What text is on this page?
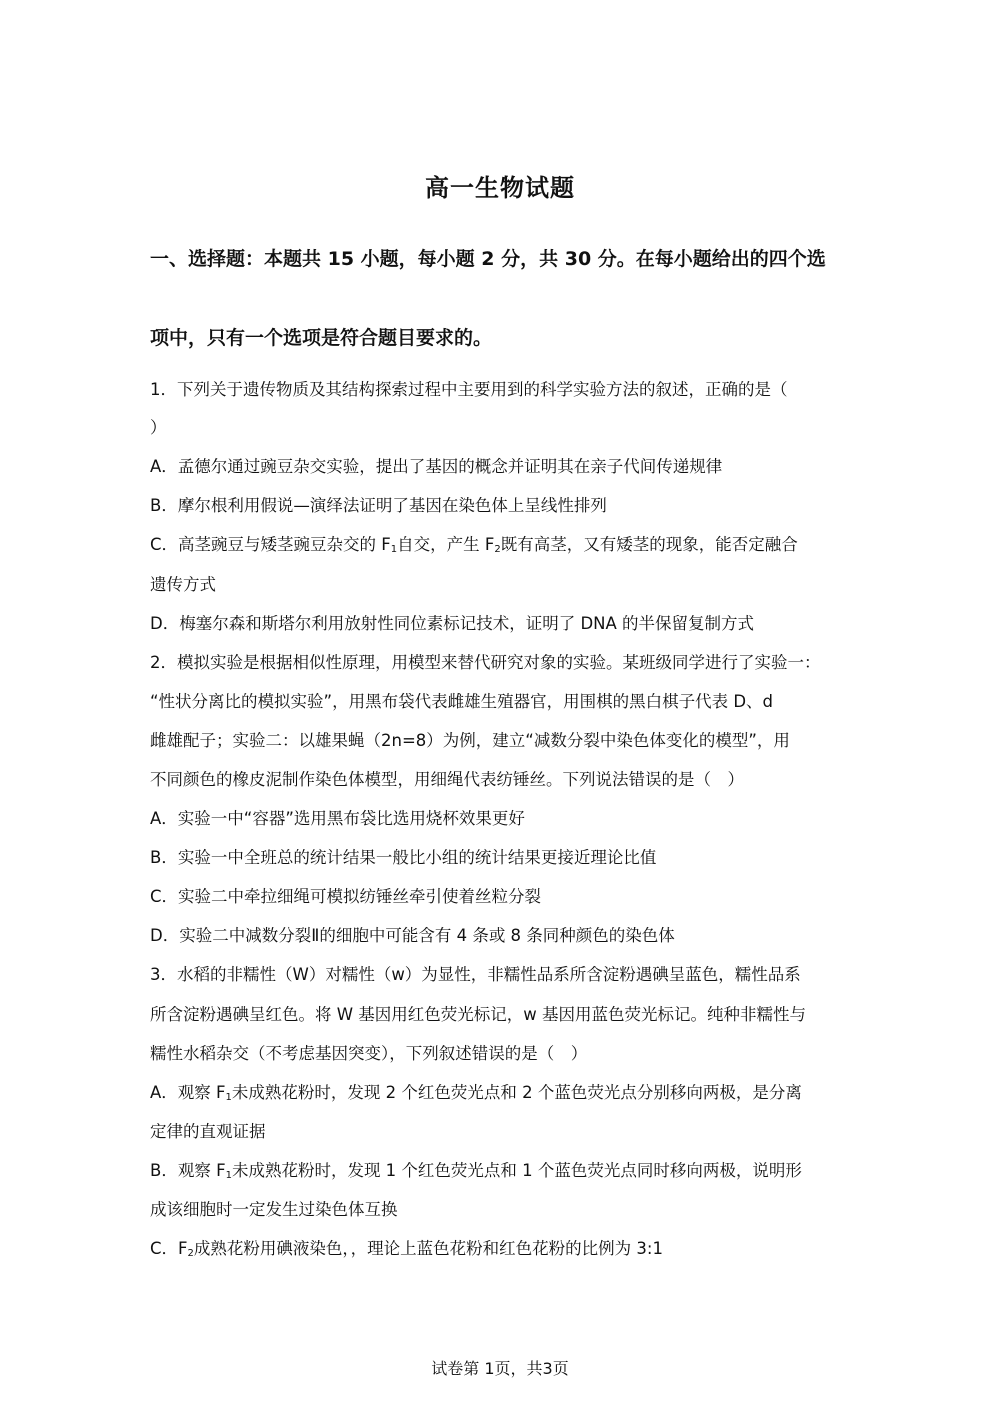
高一生物试题
一、选择题：本题共 15 小题，每小题 2 分，共 30 分。在每小题给出的四个选
项中，只有一个选项是符合题目要求的。
1．下列关于遗传物质及其结构探索过程中主要用到的科学实验方法的叙述，正确的是（
）
A．孟德尔通过豌豆杂交实验，提出了基因的概念并证明其在亲子代间传递规律
B．摩尔根利用假说—演绎法证明了基因在染色体上呈线性排列
C．高茎豌豆与矮茎豌豆杂交的 $F_1$自交，产生 $F_2$既有高茎，又有矮茎的现象，能否定融合
遗传方式
D．梅塞尔森和斯塔尔利用放射性同位素标记技术，证明了 DNA 的半保留复制方式
2．模拟实验是根据相似性原理，用模型来替代研究对象的实验。某班级同学进行了实验一：
“性状分离比的模拟实验”，用黑布袋代表雌雄生殖器官，用围棋的黑白棋子代表 D、d
雌雄配子；实验二：以雄果蝇（2n=8）为例，建立“减数分裂中染色体变化的模型”，用
不同颜色的橡皮泥制作染色体模型，用细绳代表纺锤丝。下列说法错误的是（　）
A．实验一中“容器”选用黑布袋比选用烧杯效果更好
B．实验一中全班总的统计结果一般比小组的统计结果更接近理论比值
C．实验二中牵拉细绳可模拟纺锤丝牵引使着丝粒分裂
D．实验二中减数分裂Ⅱ的细胞中可能含有 4 条或 8 条同种颜色的染色体
3．水稻的非糯性（W）对糯性（w）为显性，非糯性品系所含淀粉遇碘呈蓝色，糯性品系
所含淀粉遇碘呈红色。将 W 基因用红色荧光标记，w 基因用蓝色荧光标记。纯种非糯性与
糯性水稻杂交（不考虑基因突变），下列叙述错误的是（　）
A．观察 $F_1$未成熟花粉时，发现 2 个红色荧光点和 2 个蓝色荧光点分别移向两极，是分离
定律的直观证据
B．观察 $F_1$未成熟花粉时，发现 1 个红色荧光点和 1 个蓝色荧光点同时移向两极，说明形
成该细胞时一定发生过染色体互换
C．$F_2$成熟花粉用碘液染色，，理论上蓝色花粉和红色花粉的比例为 3:1
试卷第 1页，共3页
